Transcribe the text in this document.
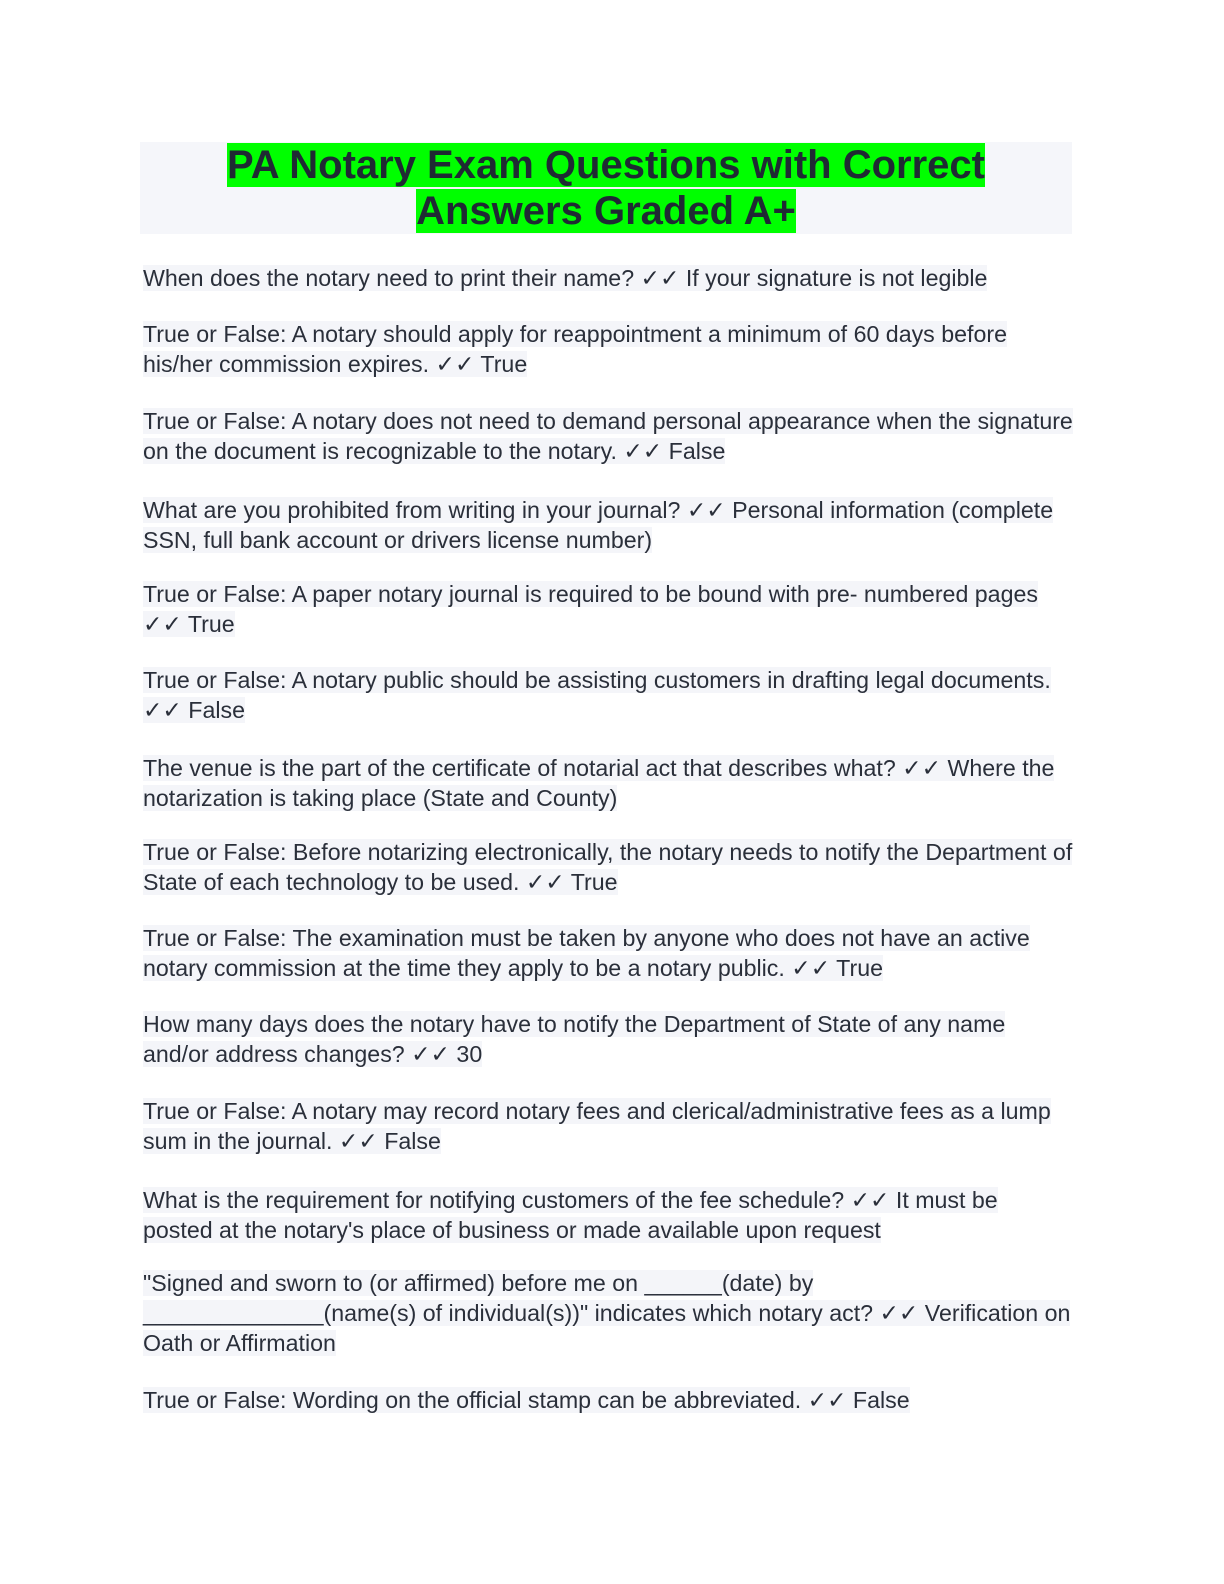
PA Notary Exam Questions with Correct Answers Graded A+
When does the notary need to print their name? ✓✓ If your signature is not legible
True or False: A notary should apply for reappointment a minimum of 60 days before his/her commission expires. ✓✓ True
True or False: A notary does not need to demand personal appearance when the signature on the document is recognizable to the notary. ✓✓ False
What are you prohibited from writing in your journal? ✓✓ Personal information (complete SSN, full bank account or drivers license number)
True or False: A paper notary journal is required to be bound with pre- numbered pages ✓✓ True
True or False: A notary public should be assisting customers in drafting legal documents. ✓✓ False
The venue is the part of the certificate of notarial act that describes what? ✓✓ Where the notarization is taking place (State and County)
True or False: Before notarizing electronically, the notary needs to notify the Department of State of each technology to be used. ✓✓ True
True or False: The examination must be taken by anyone who does not have an active notary commission at the time they apply to be a notary public. ✓✓ True
How many days does the notary have to notify the Department of State of any name and/or address changes? ✓✓ 30
True or False: A notary may record notary fees and clerical/administrative fees as a lump sum in the journal. ✓✓ False
What is the requirement for notifying customers of the fee schedule? ✓✓ It must be posted at the notary's place of business or made available upon request
"Signed and sworn to (or affirmed) before me on ______(date) by ______________(name(s) of individual(s))" indicates which notary act? ✓✓ Verification on Oath or Affirmation
True or False: Wording on the official stamp can be abbreviated. ✓✓ False
